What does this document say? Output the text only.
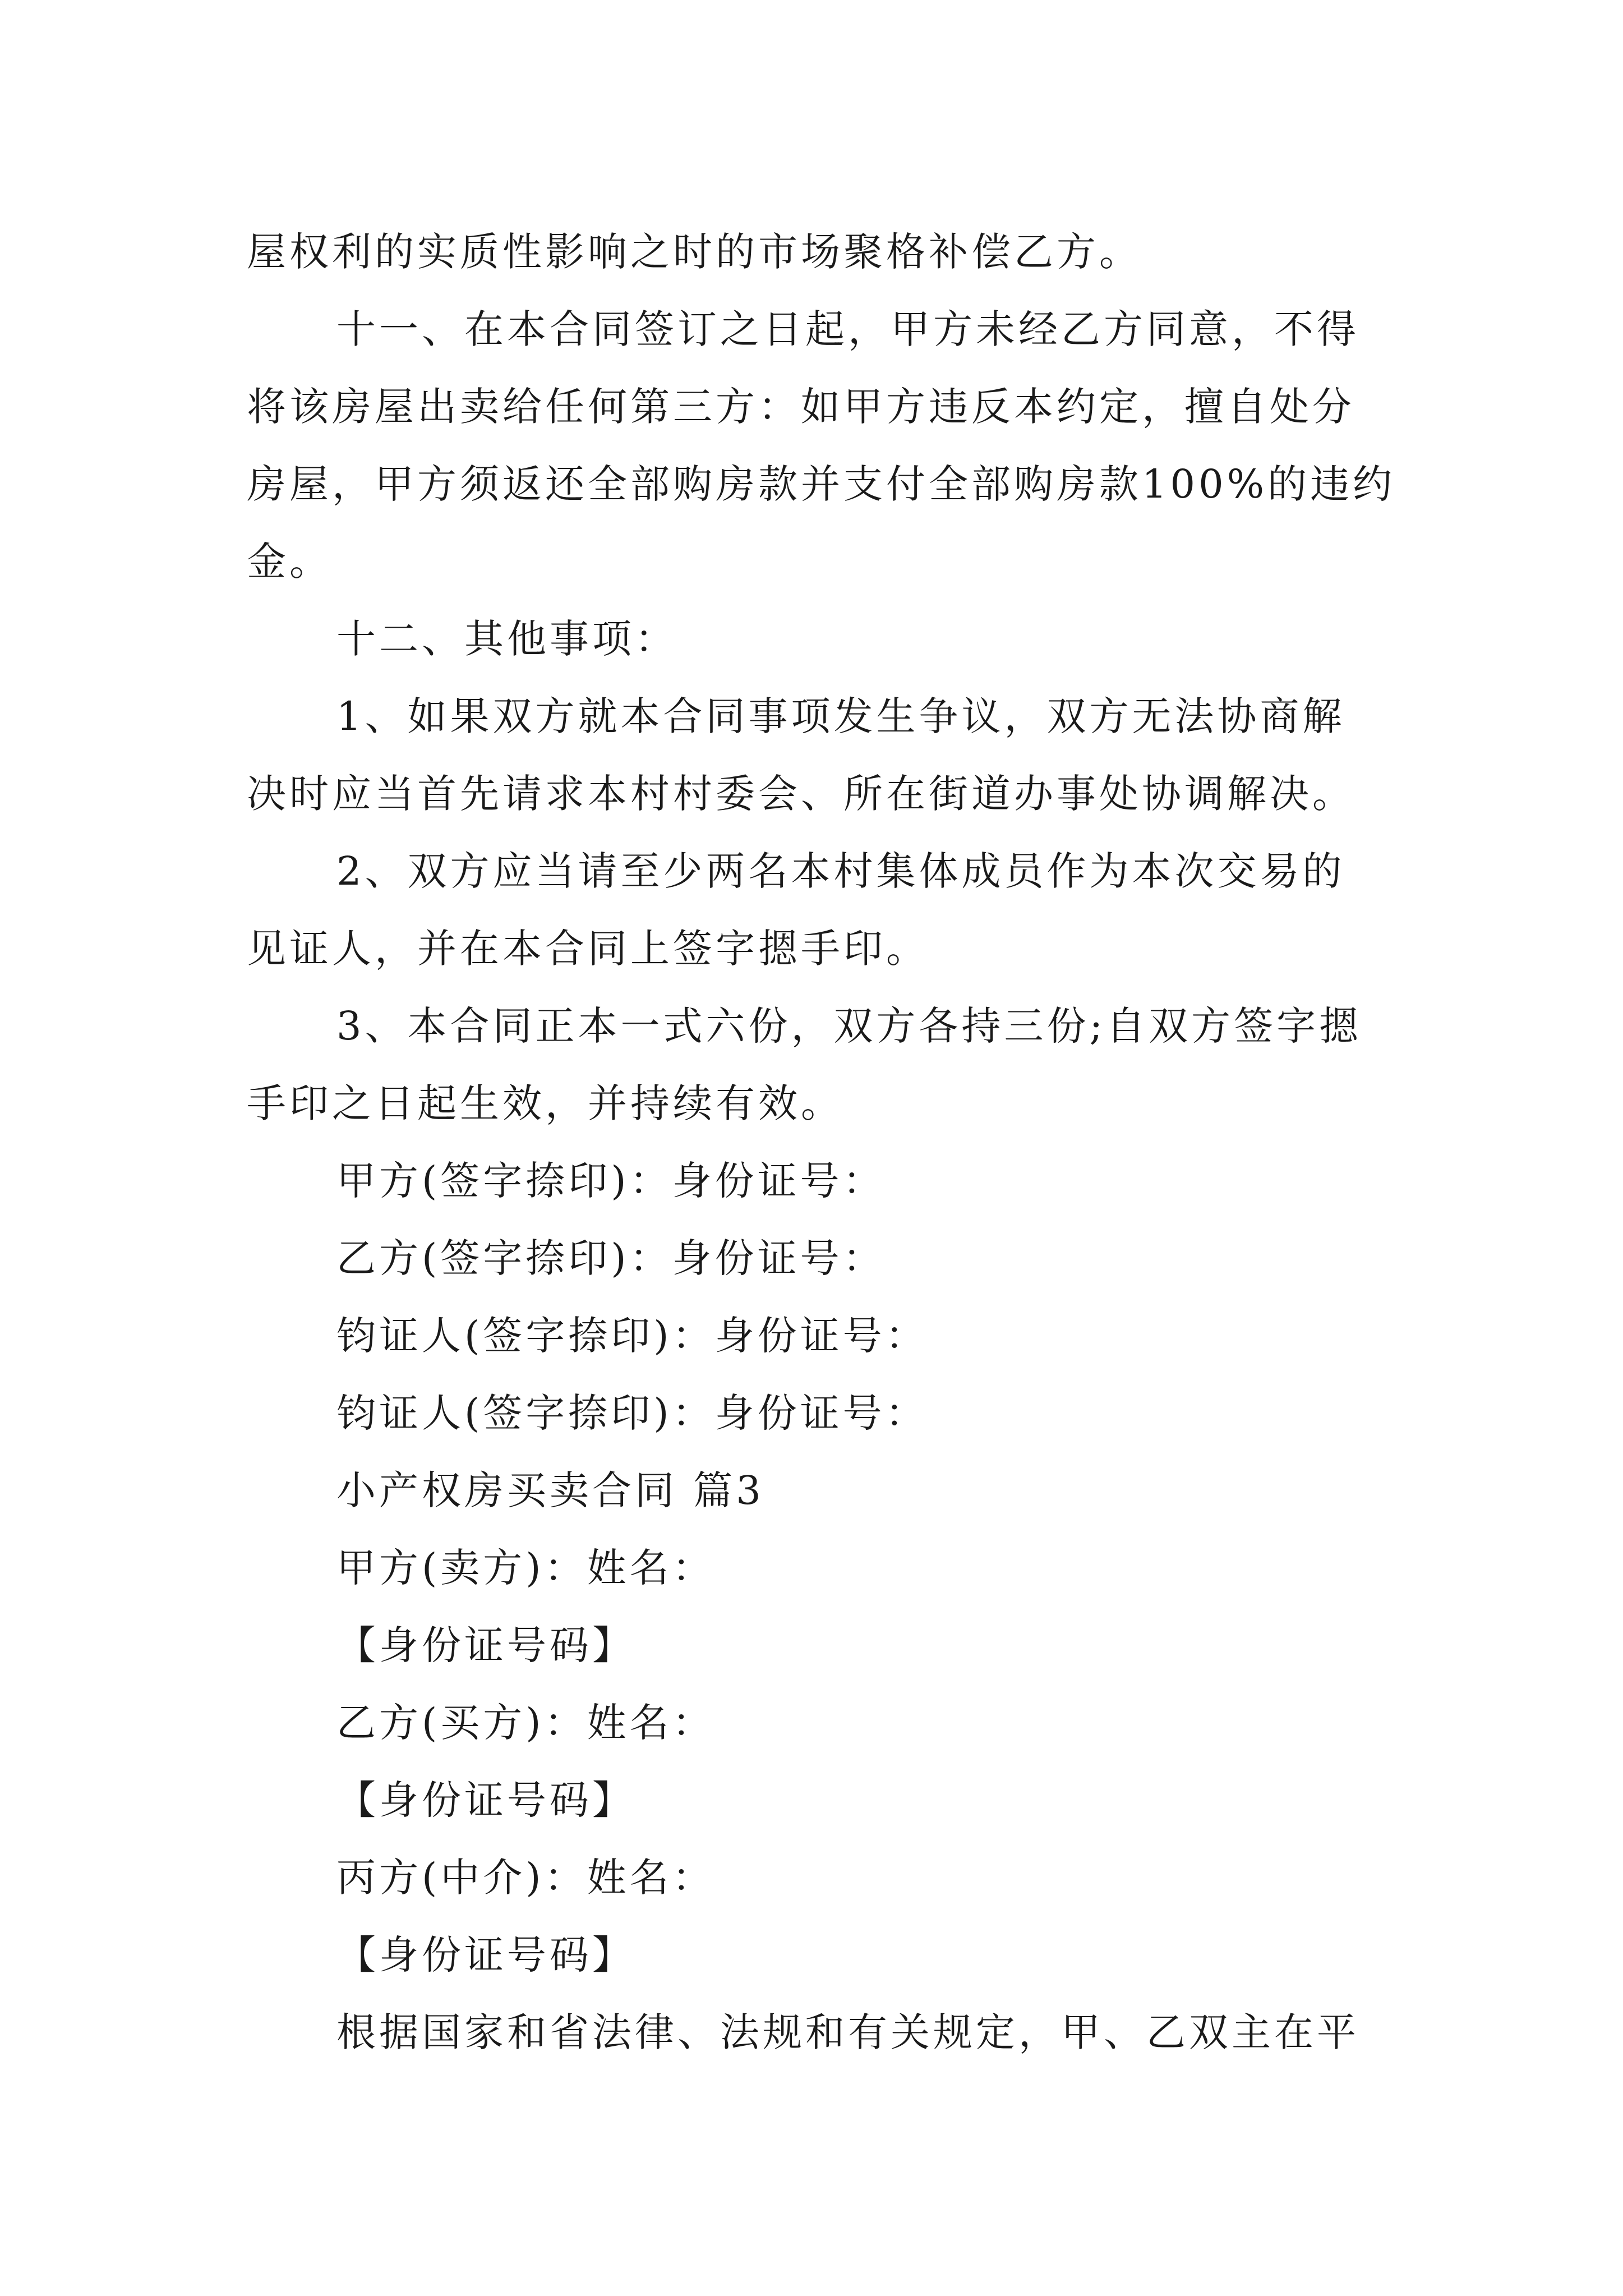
屋权利的实质性影响之时的市场聚格补偿乙方。
十一、在本合同签订之日起，甲方未经乙方同意，不得
将该房屋出卖给任何第三方：如甲方违反本约定，擅自处分
房屋，甲方须返还全部购房款并支付全部购房款100%的违约
金。
十二、其他事项：
1、如果双方就本合同事项发生争议，双方无法协商解
决时应当首先请求本村村委会、所在街道办事处协调解决。
2、双方应当请至少两名本村集体成员作为本次交易的
见证人，并在本合同上签字摁手印。
3、本合同正本一式六份，双方各持三份;自双方签字摁
手印之日起生效，并持续有效。
甲方(签字捺印)：身份证号：
乙方(签字捺印)：身份证号：
钧证人(签字捺印)：身份证号：
钧证人(签字捺印)：身份证号：
小产权房买卖合同 篇3
甲方(卖方)：姓名：
【身份证号码】
乙方(买方)：姓名：
【身份证号码】
丙方(中介)：姓名：
【身份证号码】
根据国家和省法律、法规和有关规定，甲、乙双主在平
